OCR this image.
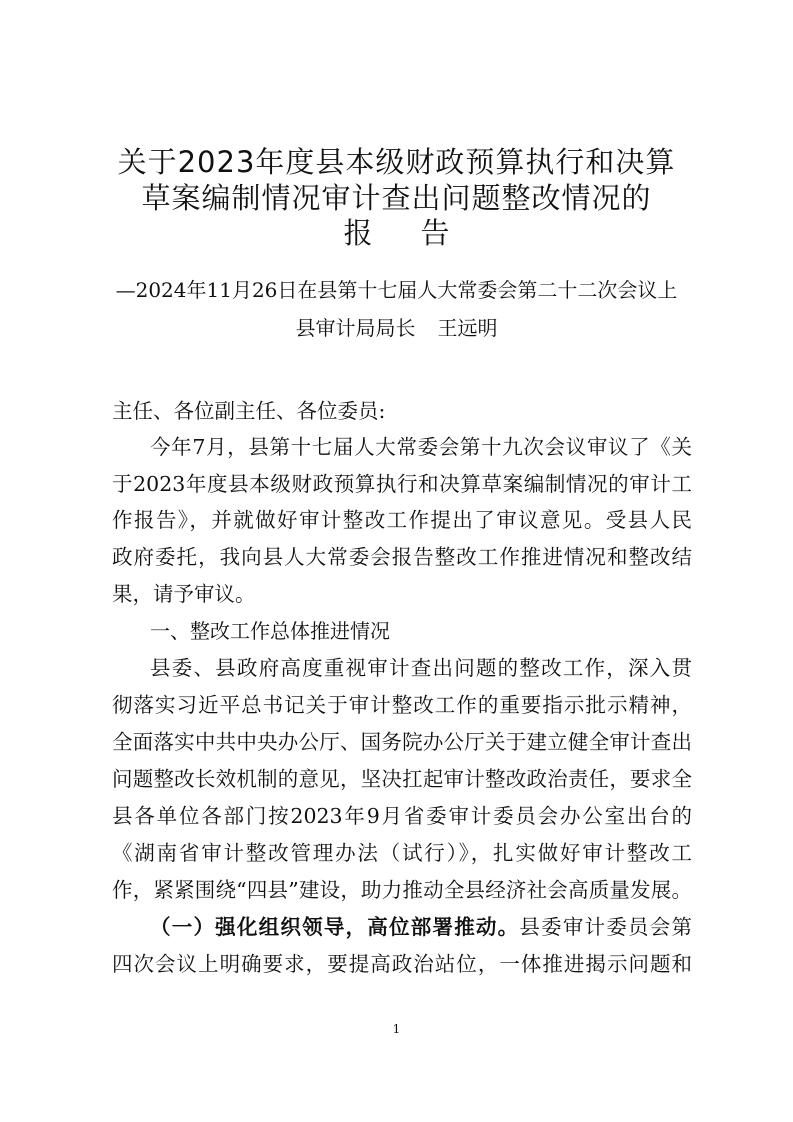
关于2023年度县本级财政预算执行和决算
草案编制情况审计查出问题整改情况的
报 告
—2024年11月26日在县第十七届人大常委会第二十二次会议上
县审计局局长 王远明
主任、各位副主任、各位委员:
今年7月，县第十七届人大常委会第十九次会议审议了《关
于2023年度县本级财政预算执行和决算草案编制情况的审计工
作报告》，并就做好审计整改工作提出了审议意见。受县人民
政府委托，我向县人大常委会报告整改工作推进情况和整改结
果，请予审议。
一、整改工作总体推进情况
县委、县政府高度重视审计查出问题的整改工作，深入贯
彻落实习近平总书记关于审计整改工作的重要指示批示精神，
全面落实中共中央办公厅、国务院办公厅关于建立健全审计查出
问题整改长效机制的意见，坚决扛起审计整改政治责任，要求全
县各单位各部门按2023年9月省委审计委员会办公室出台的
《湖南省审计整改管理办法（试行）》，扎实做好审计整改工
作，紧紧围绕“四县”建设，助力推动全县经济社会高质量发展。
（一）强化组织领导，高位部署推动。县委审计委员会第
四次会议上明确要求，要提高政治站位，一体推进揭示问题和
1
